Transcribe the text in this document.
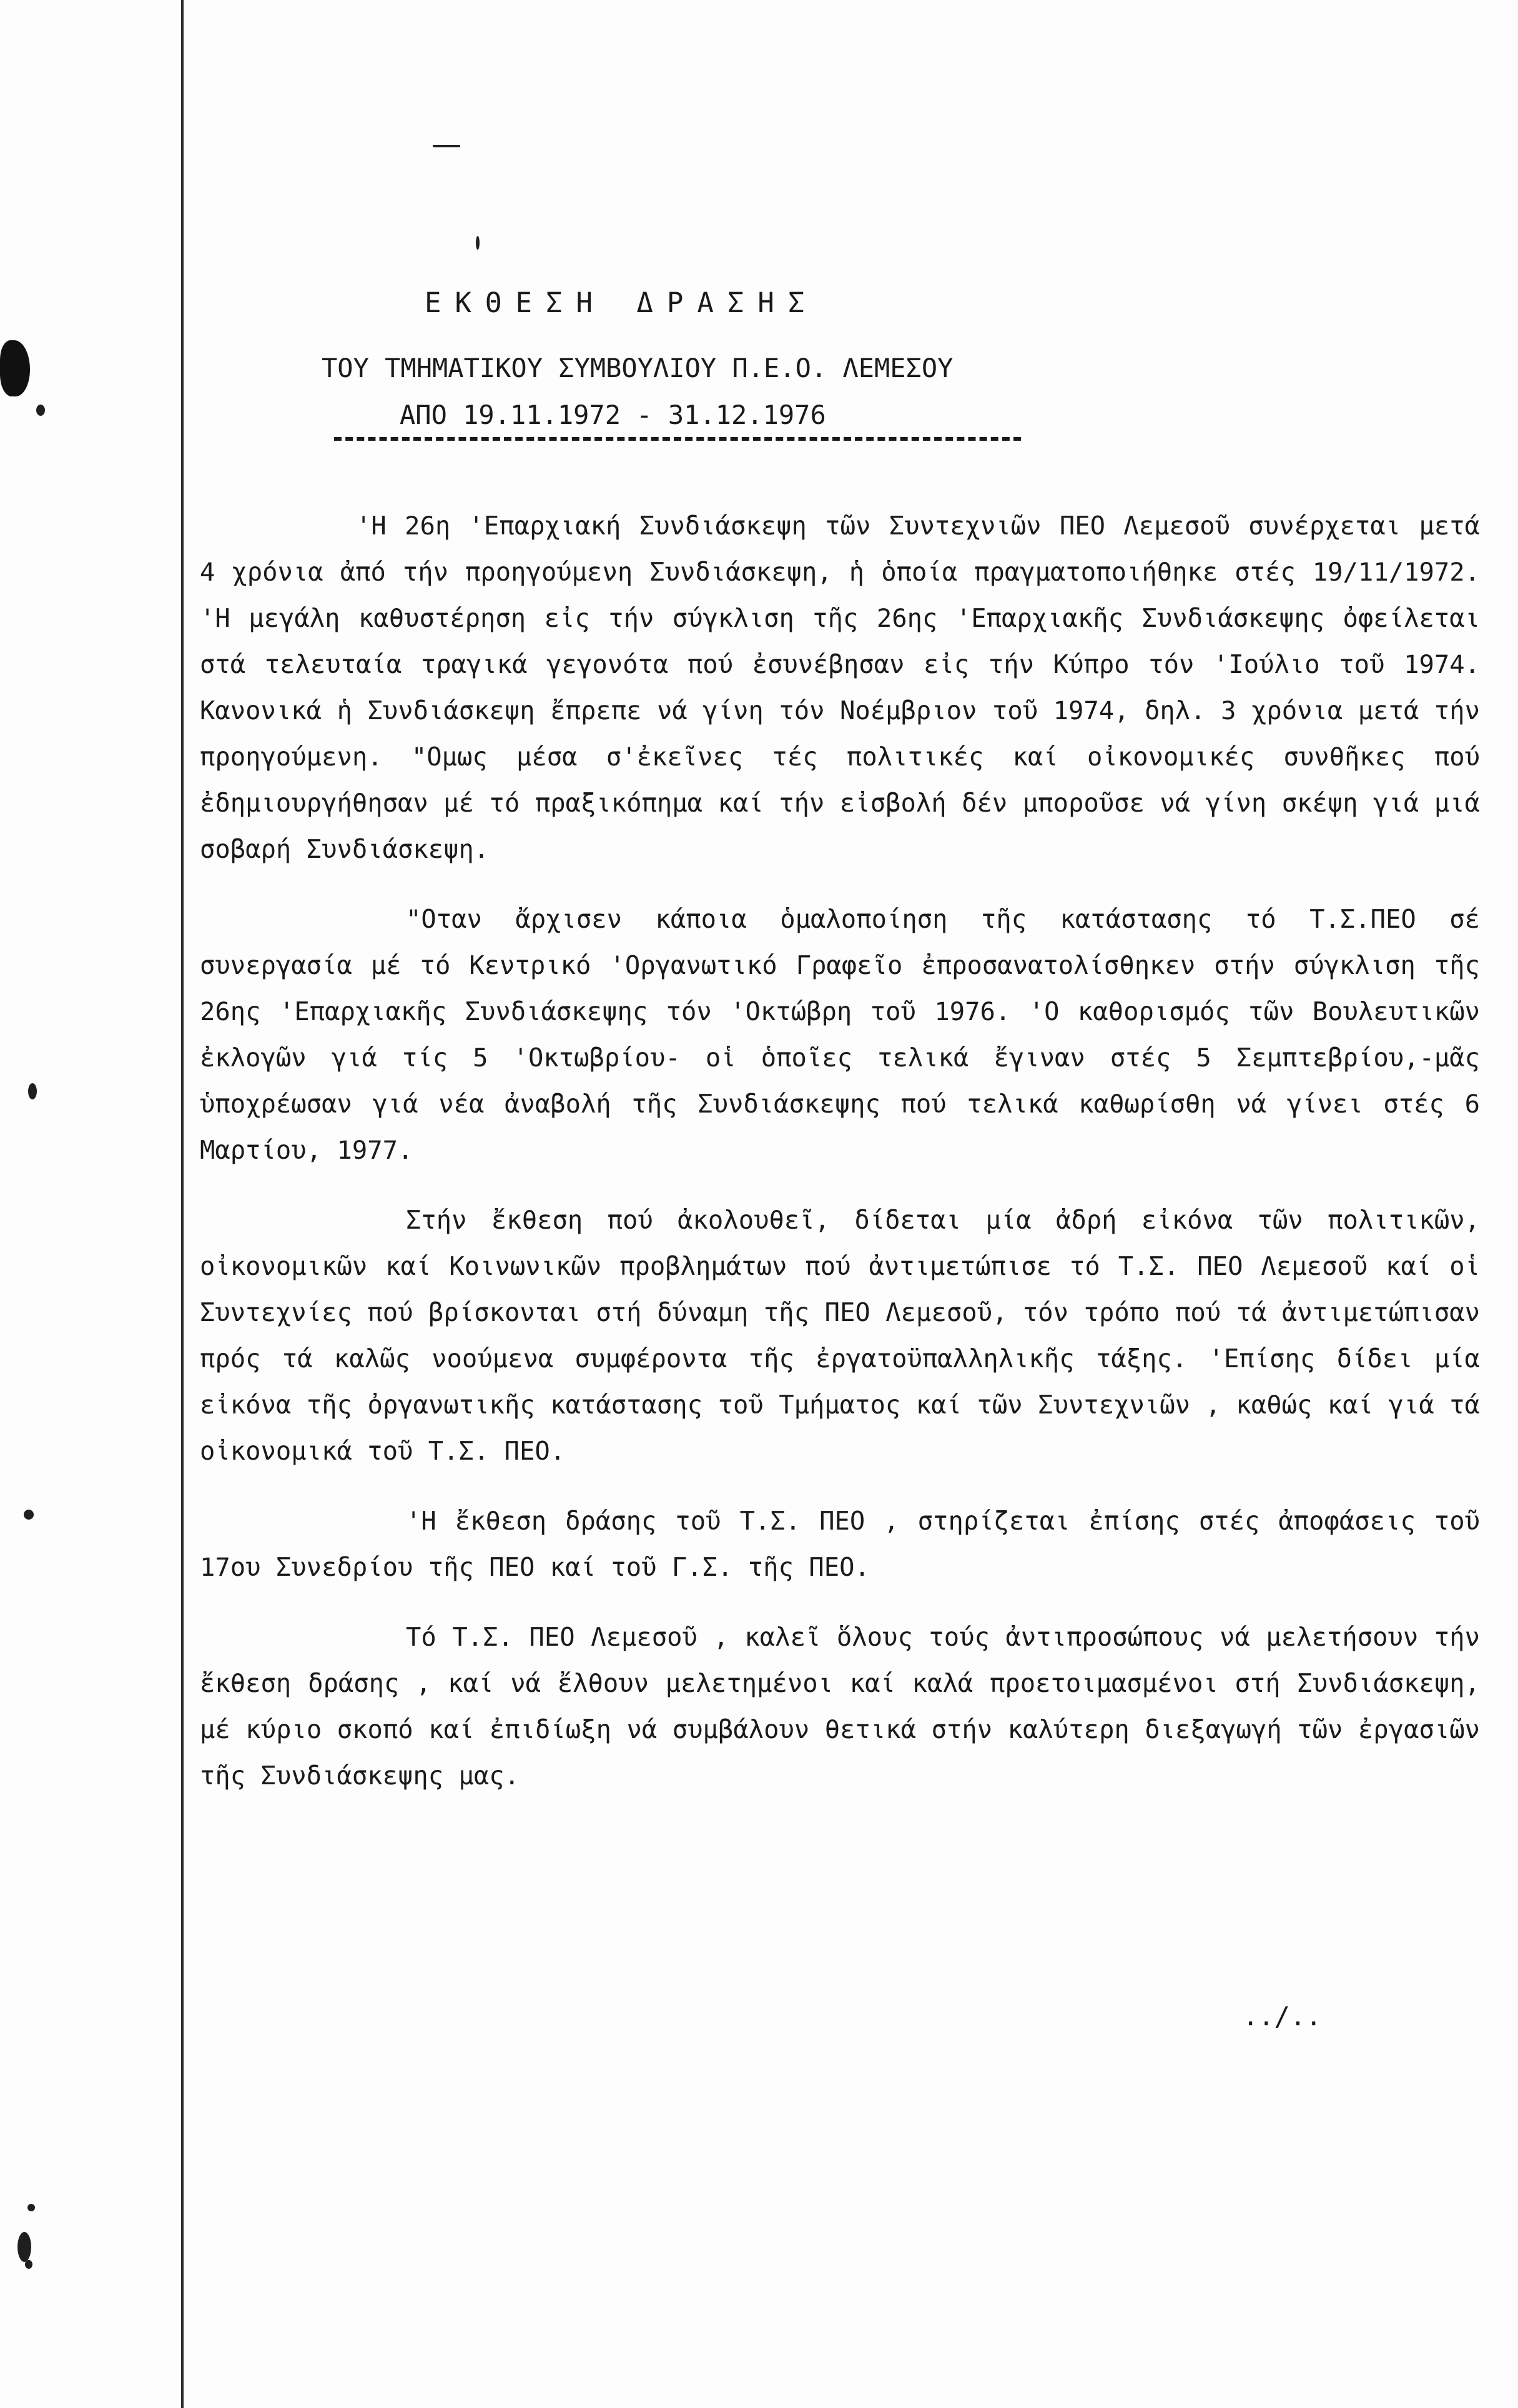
ΕΚΘΕΣΗ ΔΡΑΣΗΣ
ΤΟΥ ΤΜΗΜΑΤΙΚΟΥ ΣΥΜΒΟΥΛΙΟΥ Π.Ε.Ο. ΛΕΜΕΣΟΥ
ΑΠΟ 19.11.1972 - 31.12.1976

'Η 26η 'Επαρχιακή Συνδιάσκεψη τῶν Συντεχνιῶν ΠΕΟ Λεμεσοῦ συνέρχεται μετά 4 χρόνια ἀπό τήν προηγούμενη Συνδιάσκεψη, ἡ ὁποία πραγματοποιήθηκε στές 19/11/1972. 'Η μεγάλη καθυστέρηση εἰς τήν σύγκλιση τῆς 26ης 'Επαρχιακῆς Συνδιάσκεψης ὀφείλεται στά τελευταία τραγικά γεγονότα πού ἐσυνέβησαν εἰς τήν Κύπρο τόν 'Ιούλιο τοῦ 1974. Κανονικά ἡ Συνδιάσκεψη ἔπρεπε νά γίνη τόν Νοέμβριον τοῦ 1974, δηλ. 3 χρόνια μετά τήν προηγούμενη. "Ομως μέσα σ'ἐκεῖνες τές πολιτικές καί οἰκονομικές συνθῆκες πού ἐδημιουργήθησαν μέ τό πραξικόπημα καί τήν εἰσβολή δέν μποροῦσε νά γίνη σκέψη γιά μιά σοβαρή Συνδιάσκεψη.

"Οταν ἄρχισεν κάποια ὁμαλοποίηση τῆς κατάστασης τό Τ.Σ.ΠΕΟ σέ συνεργασία μέ τό Κεντρικό 'Οργανωτικό Γραφεῖο ἐπροσανατολίσθηκεν στήν σύγκλιση τῆς 26ης 'Επαρχιακῆς Συνδιάσκεψης τόν 'Οκτώβρη τοῦ 1976. 'Ο καθορισμός τῶν Βουλευτικῶν ἐκλογῶν γιά τίς 5 'Οκτωβρίου- οἱ ὁποῖες τελικά ἔγιναν στές 5 Σεμπτεβρίου,-μᾶς ὑποχρέωσαν γιά νέα ἀναβολή τῆς Συνδιάσκεψης πού τελικά καθωρίσθη νά γίνει στές 6 Μαρτίου, 1977.

Στήν ἔκθεση πού ἀκολουθεῖ, δίδεται μία ἀδρή εἰκόνα τῶν πολιτικῶν, οἰκονομικῶν καί Κοινωνικῶν προβλημάτων πού ἀντιμετώπισε τό Τ.Σ. ΠΕΟ Λεμεσοῦ καί οἱ Συντεχνίες πού βρίσκονται στή δύναμη τῆς ΠΕΟ Λεμεσοῦ, τόν τρόπο πού τά ἀντιμετώπισαν πρός τά καλῶς νοούμενα συμφέροντα τῆς ἐργατοϋπαλληλικῆς τάξης. 'Επίσης δίδει μία εἰκόνα τῆς ὀργανωτικῆς κατάστασης τοῦ Τμήματος καί τῶν Συντεχνιῶν , καθώς καί γιά τά οἰκονομικά τοῦ Τ.Σ. ΠΕΟ.

'Η ἔκθεση δράσης τοῦ Τ.Σ. ΠΕΟ , στηρίζεται ἐπίσης στές ἀποφάσεις τοῦ 17ου Συνεδρίου τῆς ΠΕΟ καί τοῦ Γ.Σ. τῆς ΠΕΟ.

Τό Τ.Σ. ΠΕΟ Λεμεσοῦ , καλεῖ ὅλους τούς ἀντιπροσώπους νά μελετήσουν τήν ἔκθεση δράσης , καί νά ἔλθουν μελετημένοι καί καλά προετοιμασμένοι στή Συνδιάσκεψη, μέ κύριο σκοπό καί ἐπιδίωξη νά συμβάλουν θετικά στήν καλύτερη διεξαγωγή τῶν ἐργασιῶν τῆς Συνδιάσκεψης μας.

../..
